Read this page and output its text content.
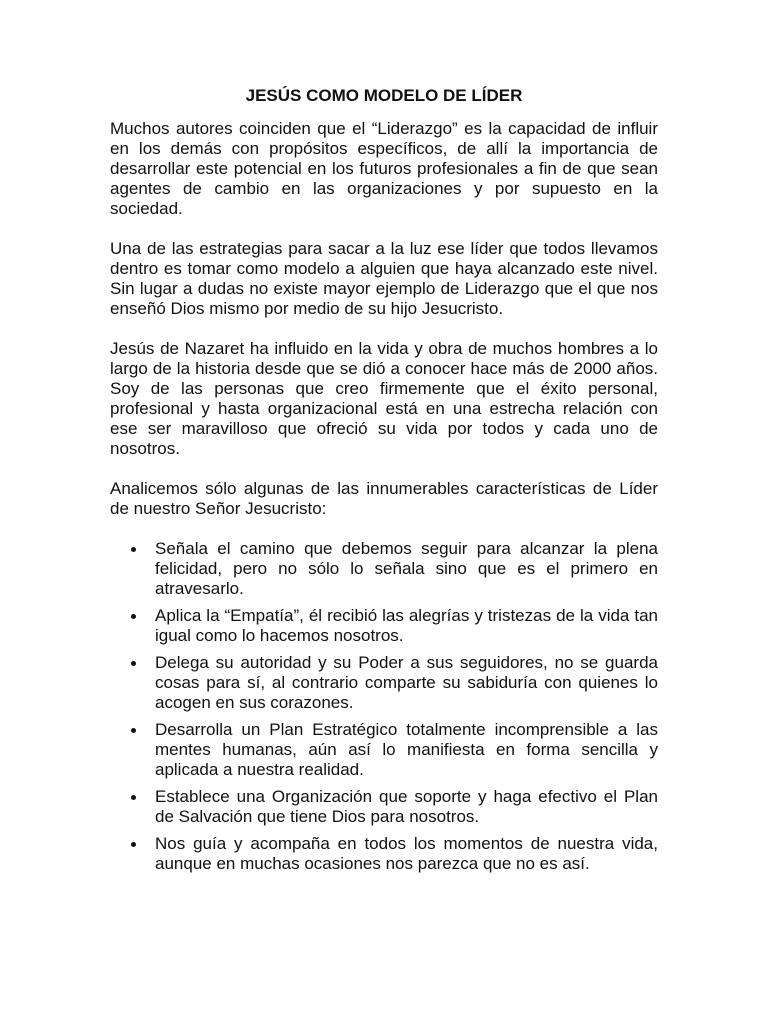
JESÚS COMO MODELO DE LÍDER

Muchos autores coinciden que el “Liderazgo” es la capacidad de influir en los demás con propósitos específicos, de allí la importancia de desarrollar este potencial en los futuros profesionales a fin de que sean agentes de cambio en las organizaciones y por supuesto en la sociedad.

Una de las estrategias para sacar a la luz ese líder que todos llevamos dentro es tomar como modelo a alguien que haya alcanzado este nivel. Sin lugar a dudas no existe mayor ejemplo de Liderazgo que el que nos enseñó Dios mismo por medio de su hijo Jesucristo.

Jesús de Nazaret ha influido en la vida y obra de muchos hombres a lo largo de la historia desde que se dió a conocer hace más de 2000 años. Soy de las personas que creo firmemente que el éxito personal, profesional y hasta organizacional está en una estrecha relación con ese ser maravilloso que ofreció su vida por todos y cada uno de nosotros.

Analicemos sólo algunas de las innumerables características de Líder de nuestro Señor Jesucristo:

Señala el camino que debemos seguir para alcanzar la plena felicidad, pero no sólo lo señala sino que es el primero en atravesarlo.
Aplica la “Empatía”, él recibió las alegrías y tristezas de la vida tan igual como lo hacemos nosotros.
Delega su autoridad y su Poder a sus seguidores, no se guarda cosas para sí, al contrario comparte su sabiduría con quienes lo acogen en sus corazones.
Desarrolla un Plan Estratégico totalmente incomprensible a las mentes humanas, aún así lo manifiesta en forma sencilla y aplicada a nuestra realidad.
Establece una Organización que soporte y haga efectivo el Plan de Salvación que tiene Dios para nosotros.
Nos guía y acompaña en todos los momentos de nuestra vida, aunque en muchas ocasiones nos parezca que no es así.
